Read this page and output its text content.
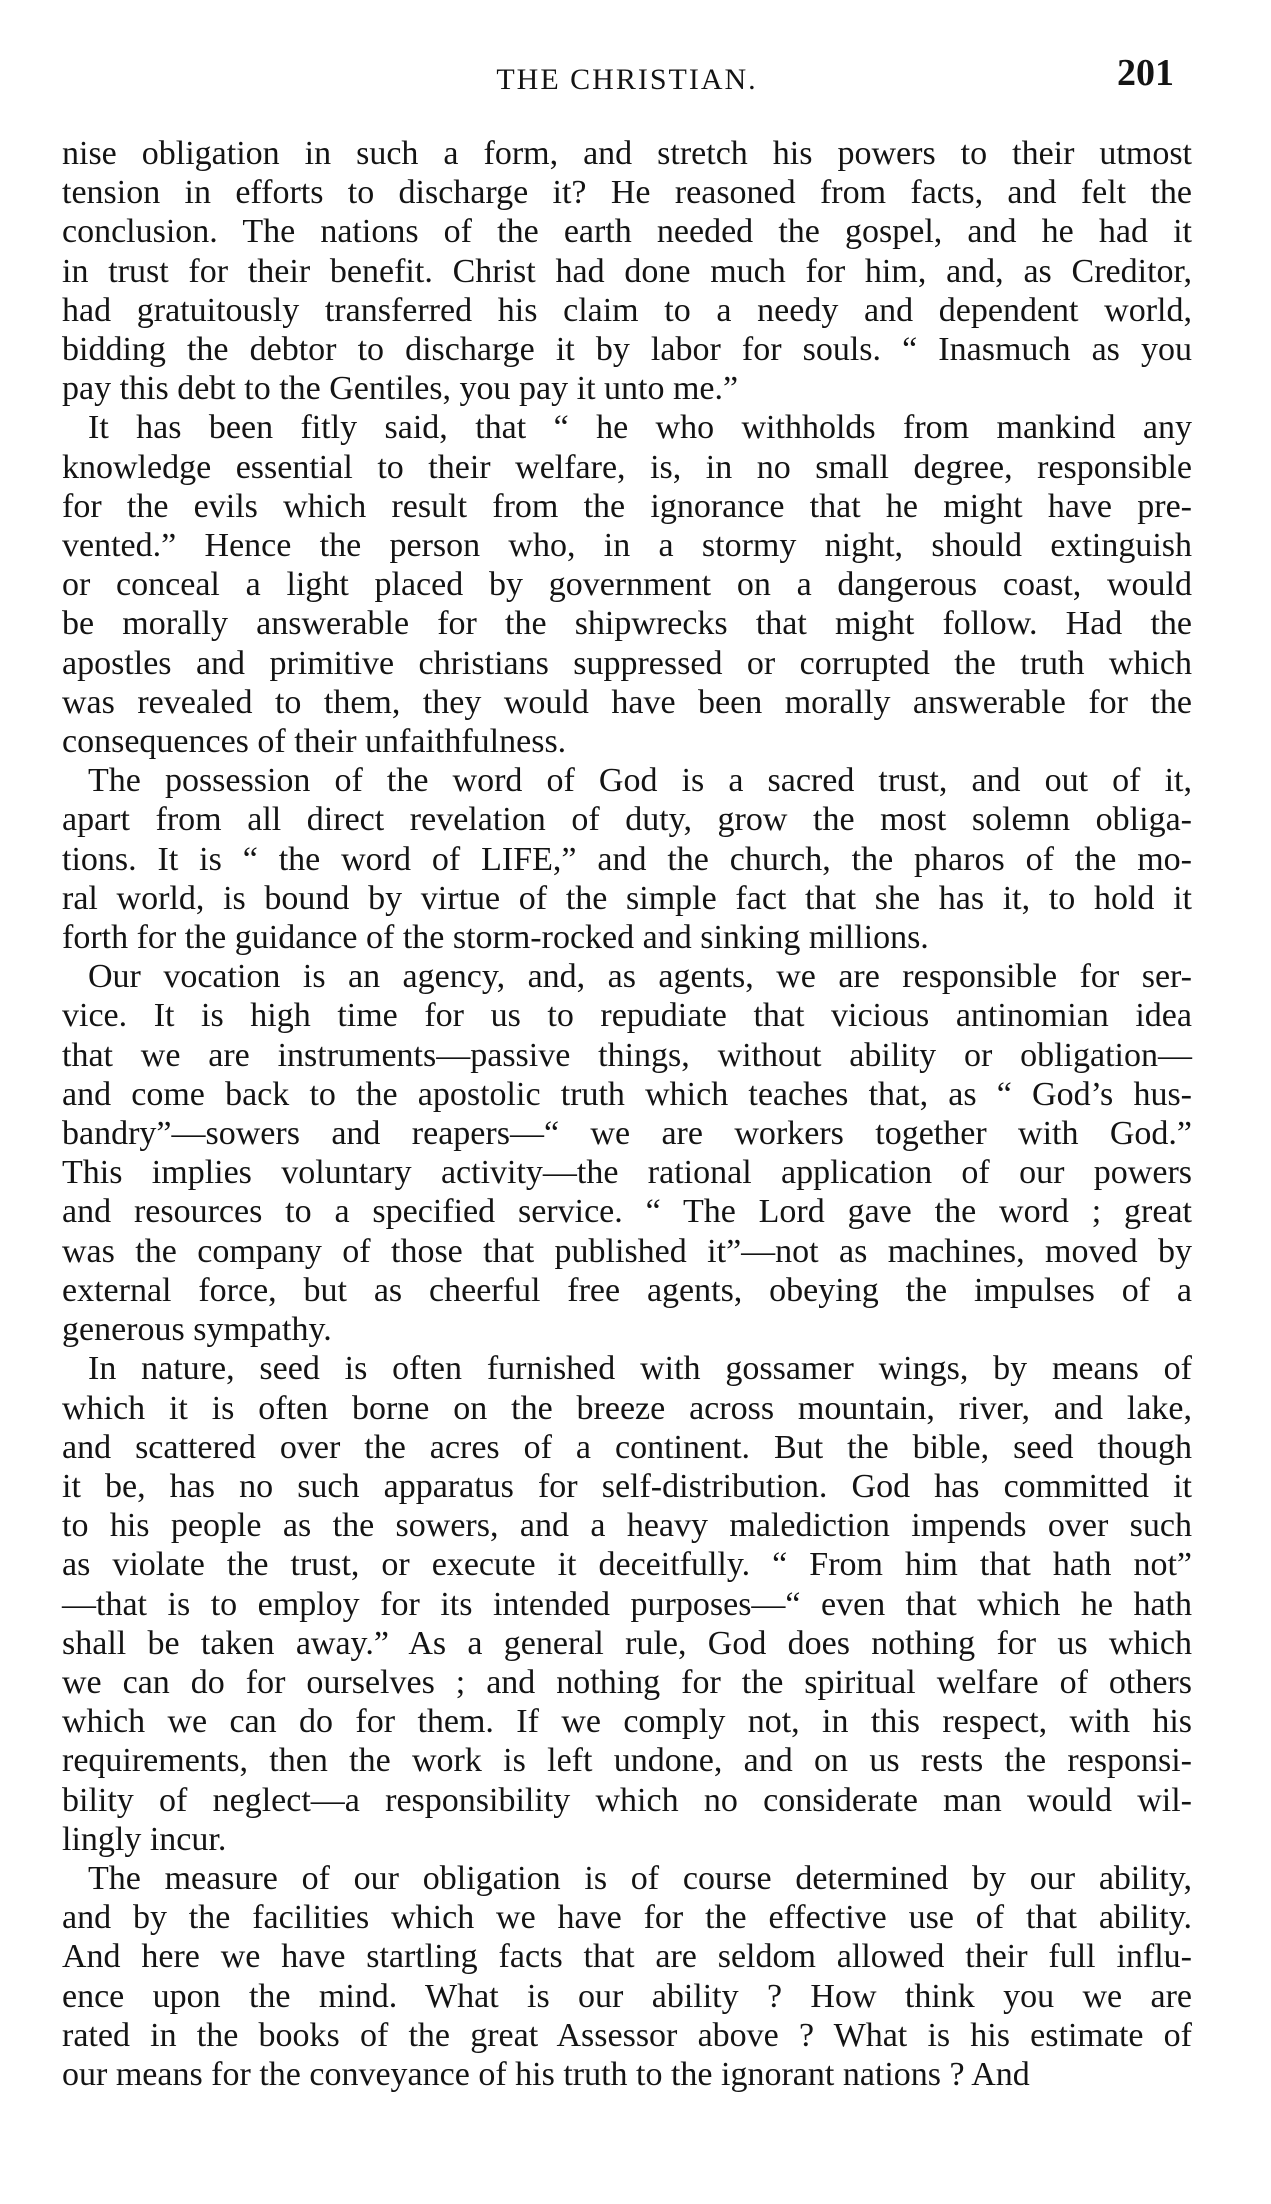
THE CHRISTIAN.	201
nise obligation in such a form, and stretch his powers to their utmost
tension in efforts to discharge it? He reasoned from facts, and felt the
conclusion. The nations of the earth needed the gospel, and he had it
in trust for their benefit. Christ had done much for him, and, as Creditor,
had gratuitously transferred his claim to a needy and dependent world,
bidding the debtor to discharge it by labor for souls. “ Inasmuch as you
pay this debt to the Gentiles, you pay it unto me.”
It has been fitly said, that “ he who withholds from mankind any
knowledge essential to their welfare, is, in no small degree, responsible
for the evils which result from the ignorance that he might have pre-
vented.” Hence the person who, in a stormy night, should extinguish
or conceal a light placed by government on a dangerous coast, would
be morally answerable for the shipwrecks that might follow. Had the
apostles and primitive christians suppressed or corrupted the truth which
was revealed to them, they would have been morally answerable for the
consequences of their unfaithfulness.
The possession of the word of God is a sacred trust, and out of it,
apart from all direct revelation of duty, grow the most solemn obliga-
tions. It is “ the word of LIFE,” and the church, the pharos of the mo-
ral world, is bound by virtue of the simple fact that she has it, to hold it
forth for the guidance of the storm-rocked and sinking millions.
Our vocation is an agency, and, as agents, we are responsible for ser-
vice. It is high time for us to repudiate that vicious antinomian idea
that we are instruments—passive things, without ability or obligation—
and come back to the apostolic truth which teaches that, as “ God’s hus-
bandry”—sowers and reapers—“ we are workers together with God.”
This implies voluntary activity—the rational application of our powers
and resources to a specified service. “ The Lord gave the word ; great
was the company of those that published it”—not as machines, moved by
external force, but as cheerful free agents, obeying the impulses of a
generous sympathy.
In nature, seed is often furnished with gossamer wings, by means of
which it is often borne on the breeze across mountain, river, and lake,
and scattered over the acres of a continent. But the bible, seed though
it be, has no such apparatus for self-distribution. God has committed it
to his people as the sowers, and a heavy malediction impends over such
as violate the trust, or execute it deceitfully. “ From him that hath not”
—that is to employ for its intended purposes—“ even that which he hath
shall be taken away.” As a general rule, God does nothing for us which
we can do for ourselves ; and nothing for the spiritual welfare of others
which we can do for them. If we comply not, in this respect, with his
requirements, then the work is left undone, and on us rests the responsi-
bility of neglect—a responsibility which no considerate man would wil-
lingly incur.
The measure of our obligation is of course determined by our ability,
and by the facilities which we have for the effective use of that ability.
And here we have startling facts that are seldom allowed their full influ-
ence upon the mind. What is our ability ? How think you we are
rated in the books of the great Assessor above ? What is his estimate of
our means for the conveyance of his truth to the ignorant nations ? And
